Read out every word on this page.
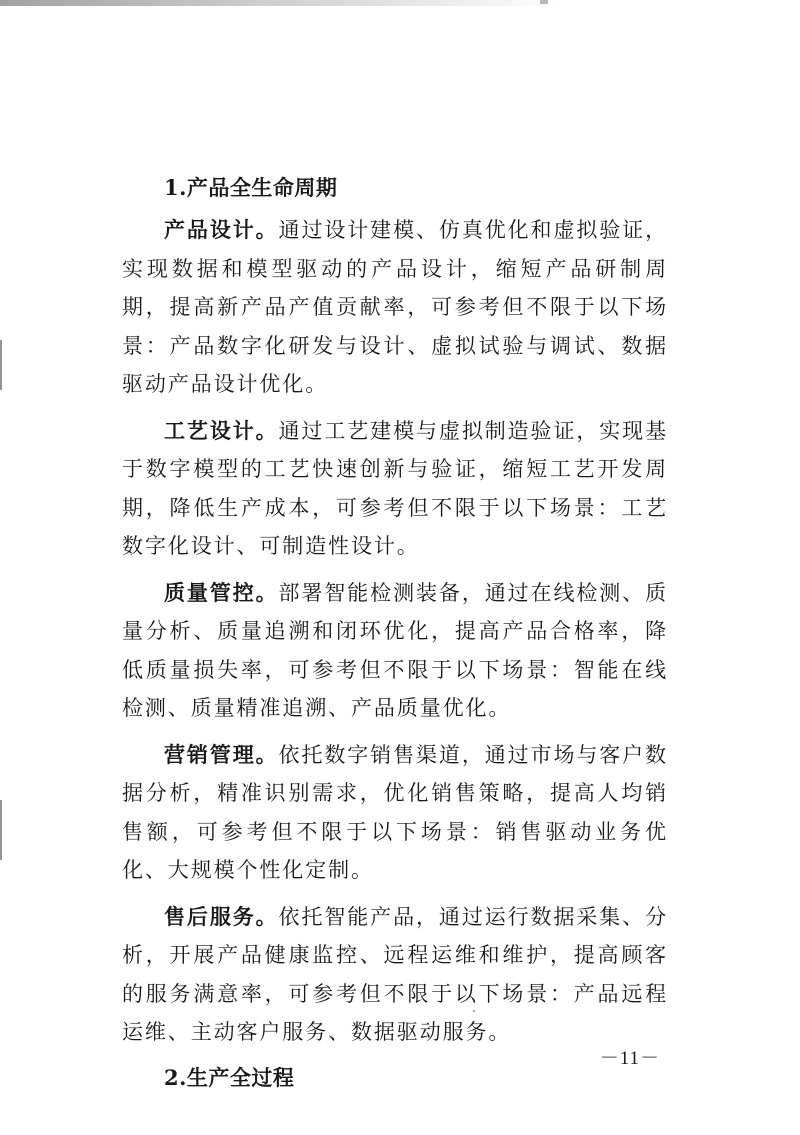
1.产品全生命周期

产品设计。通过设计建模、仿真优化和虚拟验证，实现数据和模型驱动的产品设计，缩短产品研制周期，提高新产品产值贡献率，可参考但不限于以下场景：产品数字化研发与设计、虚拟试验与调试、数据驱动产品设计优化。

工艺设计。通过工艺建模与虚拟制造验证，实现基于数字模型的工艺快速创新与验证，缩短工艺开发周期，降低生产成本，可参考但不限于以下场景：工艺数字化设计、可制造性设计。

质量管控。部署智能检测装备，通过在线检测、质量分析、质量追溯和闭环优化，提高产品合格率，降低质量损失率，可参考但不限于以下场景：智能在线检测、质量精准追溯、产品质量优化。

营销管理。依托数字销售渠道，通过市场与客户数据分析，精准识别需求，优化销售策略，提高人均销售额，可参考但不限于以下场景：销售驱动业务优化、大规模个性化定制。

售后服务。依托智能产品，通过运行数据采集、分析，开展产品健康监控、远程运维和维护，提高顾客的服务满意率，可参考但不限于以下场景：产品远程运维、主动客户服务、数据驱动服务。

2.生产全过程
－11－
